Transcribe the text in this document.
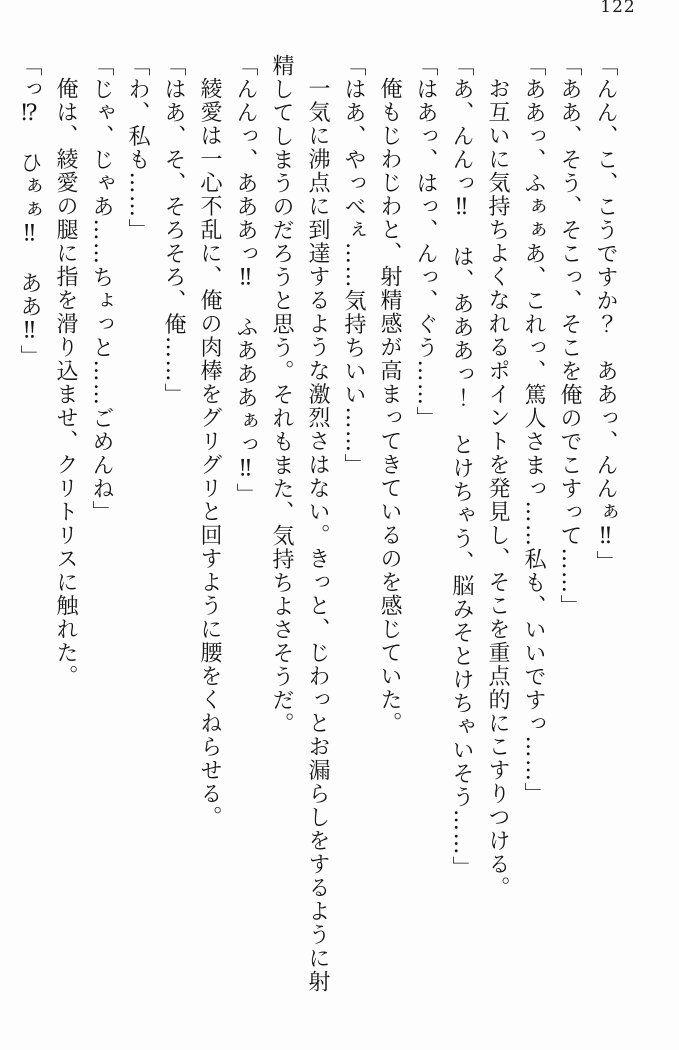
122

「んん、こ、こうですか？　ああっ、んんぁ‼」

「ああ、そう、そこっ、そこを俺のでこすって……」

「ああっ、ふぁぁあ、これっ、篤人さまっ……私も、いいですっ……」

お互いに気持ちよくなれるポイントを発見し、そこを重点的にこすりつける。

「あ、んんっ‼　は、あああっ！　とけちゃう、脳みそとけちゃいそう……」

「はあっ、はっ、んっ、ぐう……」

俺もじわじわと、射精感が高まってきているのを感じていた。

「はあ、やっべぇ……気持ちいい……」

一気に沸点に到達するような激烈さはない。きっと、じわっとお漏らしをするように射

精してしまうのだろうと思う。それもまた、気持ちよさそうだ。

「んんっ、あああっ‼　ふあああぁっ‼」

綾愛は一心不乱に、俺の肉棒をグリグリと回すように腰をくねらせる。

「はあ、そ、そろそろ、俺……」

「わ、私も……」

「じゃ、じゃあ……ちょっと……ごめんね」

俺は、綾愛の腿に指を滑り込ませ、クリトリスに触れた。

「っ⁉　ひぁぁ‼　ああ‼」
